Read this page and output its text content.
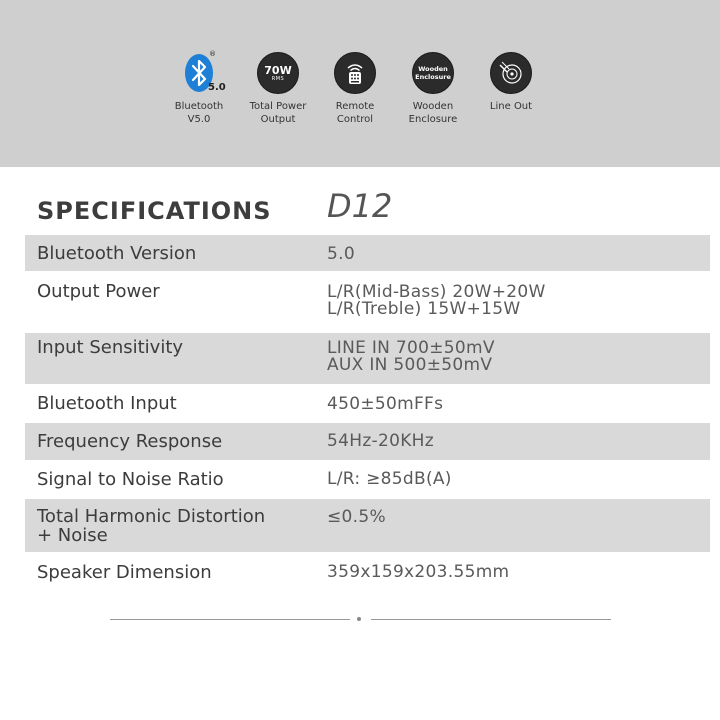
®
5.0
Bluetooth
V5.0
70W
RMS
Total Power
Output
Remote
Control
Wooden
Enclosure
Wooden
Enclosure
Line Out
SPECIFICATIONS D12
Bluetooth Version	5.0
Output Power	L/R(Mid-Bass) 20W+20W
L/R(Treble) 15W+15W
Input Sensitivity	LINE IN 700±50mV
AUX IN 500±50mV
Bluetooth Input	450±50mFFs
Frequency Response	54Hz-20KHz
Signal to Noise Ratio	L/R: ≥85dB(A)
Total Harmonic Distortion
+ Noise
≤0.5%
Speaker Dimension	359x159x203.55mm
